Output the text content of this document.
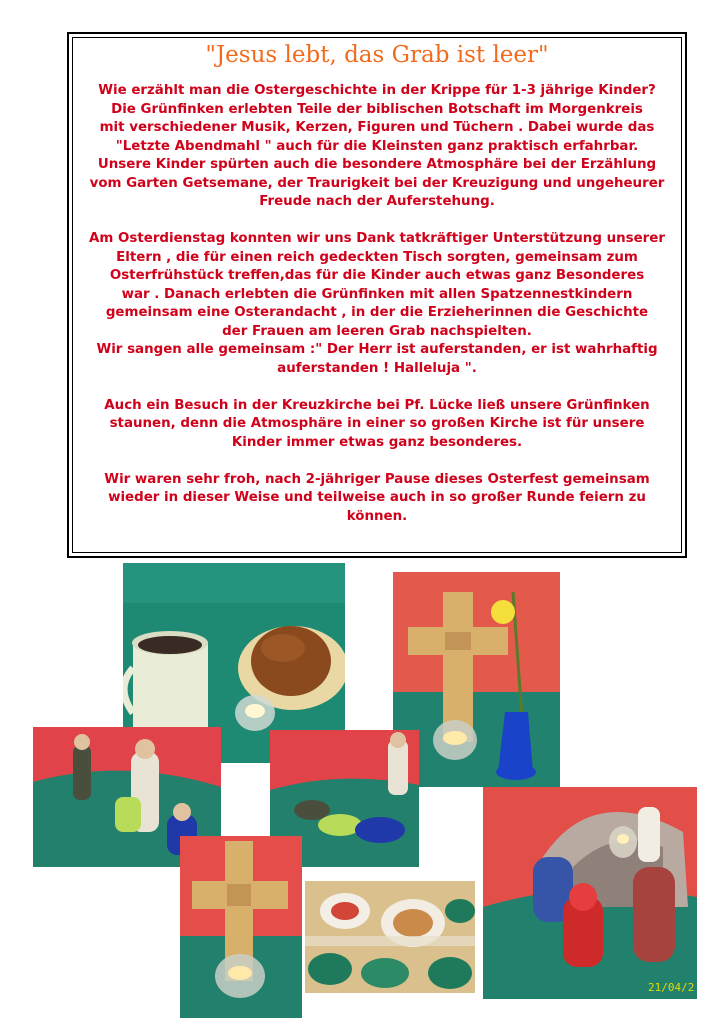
"Jesus lebt, das Grab ist leer"

Wie erzählt man die Ostergeschichte in der Krippe für 1-3 jährige Kinder?
Die Grünfinken erlebten Teile der biblischen Botschaft im Morgenkreis
mit verschiedener Musik, Kerzen, Figuren und Tüchern . Dabei wurde das
"Letzte Abendmahl " auch für die Kleinsten ganz praktisch erfahrbar.
Unsere Kinder spürten auch die besondere Atmosphäre bei der Erzählung
vom Garten Getsemane, der Traurigkeit bei der Kreuzigung und ungeheurer
Freude nach der Auferstehung.

Am Osterdienstag konnten wir uns Dank tatkräftiger Unterstützung unserer
Eltern , die für einen reich gedeckten Tisch sorgten, gemeinsam zum
Osterfrühstück treffen,das für die Kinder auch etwas ganz Besonderes
war . Danach erlebten die Grünfinken mit allen Spatzennestkindern
gemeinsam eine Osterandacht , in der die Erzieherinnen die Geschichte
der Frauen am leeren Grab nachspielten.
Wir sangen alle gemeinsam :" Der Herr ist auferstanden, er ist wahrhaftig
auferstanden ! Halleluja ".

Auch ein Besuch in der Kreuzkirche bei Pf. Lücke ließ unsere Grünfinken
staunen, denn die Atmosphäre in einer so großen Kirche ist für unsere
Kinder immer etwas ganz besonderes.

Wir waren sehr froh, nach 2-jähriger Pause dieses Osterfest gemeinsam
wieder in dieser Weise und teilweise auch in so großer Runde feiern zu
können.

21/04/2
